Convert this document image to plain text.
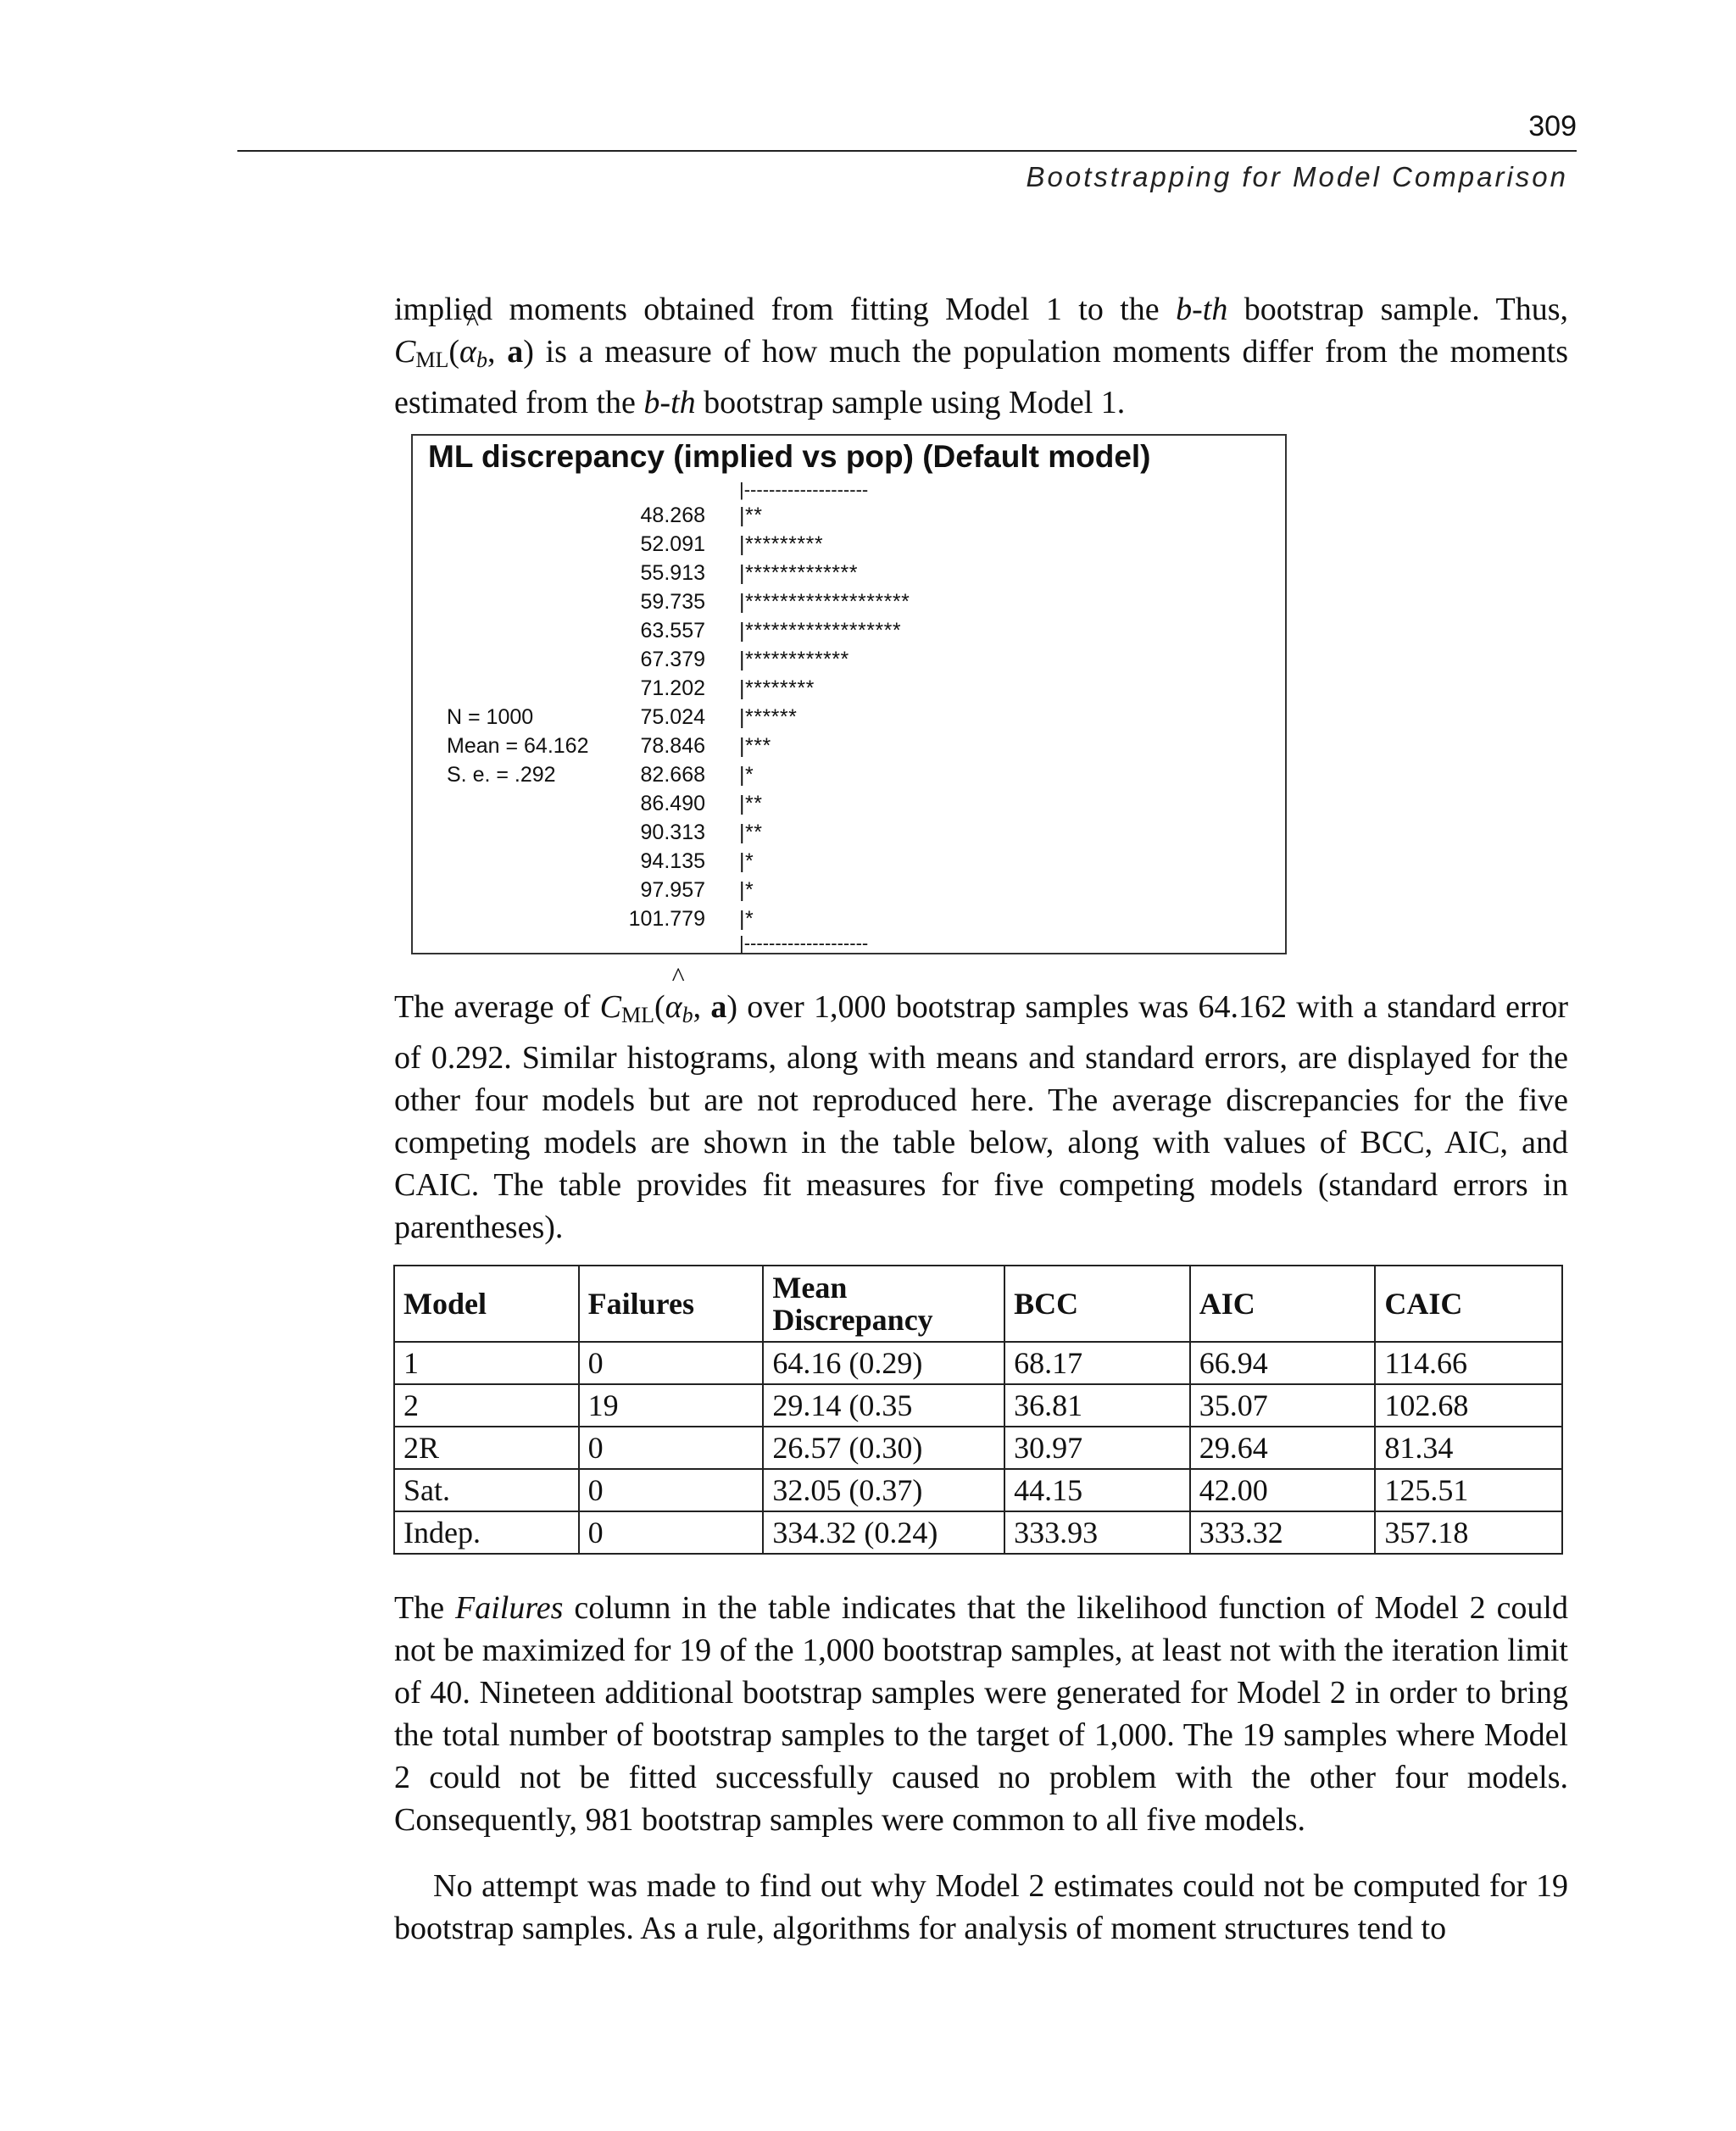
309
Bootstrapping for Model Comparison
implied moments obtained from fitting Model 1 to the b-th bootstrap sample. Thus, $C_{ML}(\^{}$ $\alpha_b$, a) is a measure of how much the population moments differ from the moments estimated from the b-th bootstrap sample using Model 1.
ML discrepancy (implied vs pop) (Default model)
|--------------------
48.268 |**
52.091 |*********
55.913 |*************
59.735 |*******************
63.557 |******************
67.379 |************
71.202 |********
N = 1000	75.024 |******
Mean = 64.162	78.846 |***
S. e. = .292	82.668 |*
86.490 |**
90.313 |**
94.135 |*
97.957 |*
101.779 |*
|--------------------
The average of $C_{ML}(\^{}$ $\alpha_b$, a) over 1,000 bootstrap samples was 64.162 with a standard error of 0.292. Similar histograms, along with means and standard errors, are displayed for the other four models but are not reproduced here. The average discrepancies for the five competing models are shown in the table below, along with values of BCC, AIC, and CAIC. The table provides fit measures for five competing models (standard errors in parentheses).
Model	Failures	Mean Discrepancy	BCC	AIC	CAIC
1	0	64.16 (0.29)	68.17	66.94	114.66
2	19	29.14 (0.35	36.81	35.07	102.68
2R	0	26.57 (0.30)	30.97	29.64	81.34
Sat.	0	32.05 (0.37)	44.15	42.00	125.51
Indep.	0	334.32 (0.24)	333.93	333.32	357.18
The Failures column in the table indicates that the likelihood function of Model 2 could not be maximized for 19 of the 1,000 bootstrap samples, at least not with the iteration limit of 40. Nineteen additional bootstrap samples were generated for Model 2 in order to bring the total number of bootstrap samples to the target of 1,000. The 19 samples where Model 2 could not be fitted successfully caused no problem with the other four models. Consequently, 981 bootstrap samples were common to all five models.
No attempt was made to find out why Model 2 estimates could not be computed for 19 bootstrap samples. As a rule, algorithms for analysis of moment structures tend to
